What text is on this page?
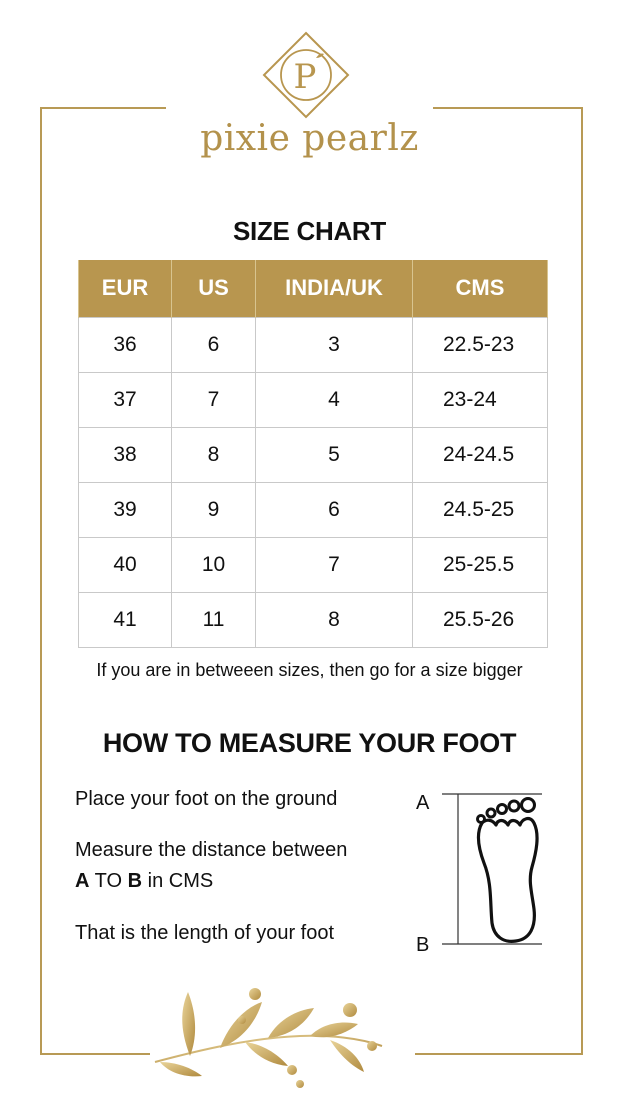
P
pixie pearlz
SIZE CHART
EUR	US	INDIA/UK	CMS
36	6	3	22.5-23
37	7	4	23-24
38	8	5	24-24.5
39	9	6	24.5-25
40	10	7	25-25.5
41	11	8	25.5-26
If you are in betweeen sizes, then go for a size bigger
HOW TO MEASURE YOUR FOOT
Place your foot on the ground
Measure the distance between
A TO B in CMS
That is the length of your foot
A
B
